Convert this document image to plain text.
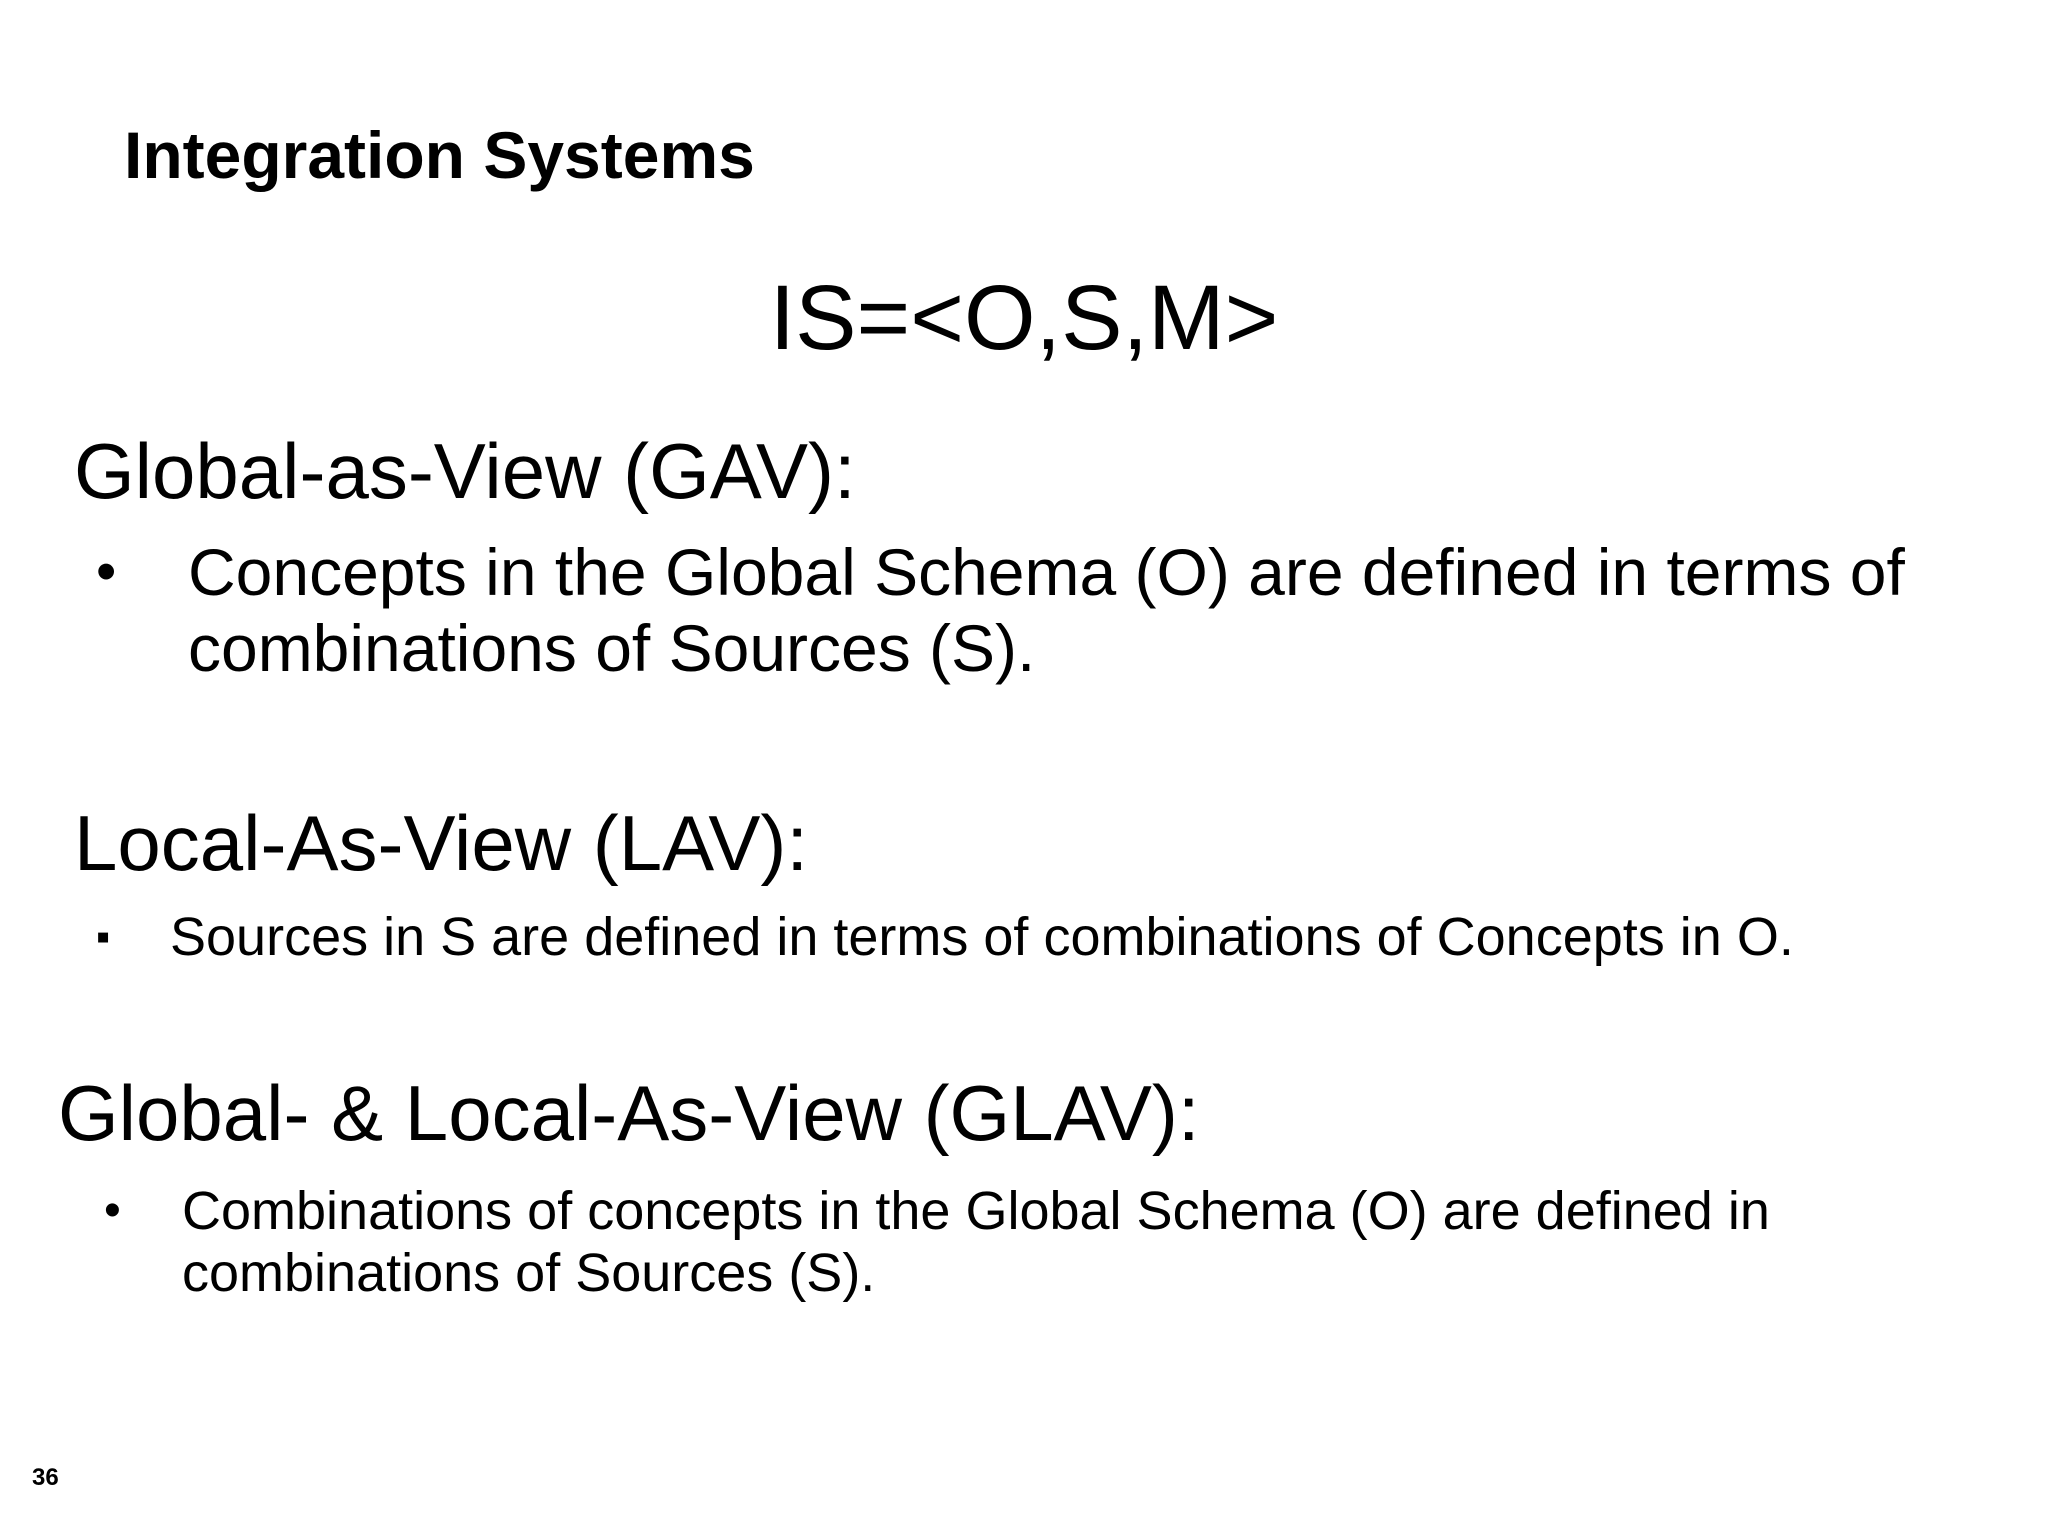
Integration Systems
IS=<O,S,M>
Global-as-View (GAV):
•	Concepts in the Global Schema (O) are defined in terms of combinations of Sources (S).
Local-As-View (LAV):
▪	Sources in S are defined in terms of combinations of Concepts in O.
Global- & Local-As-View (GLAV):
•	Combinations of concepts in the Global Schema (O) are defined in combinations of Sources (S).
36
